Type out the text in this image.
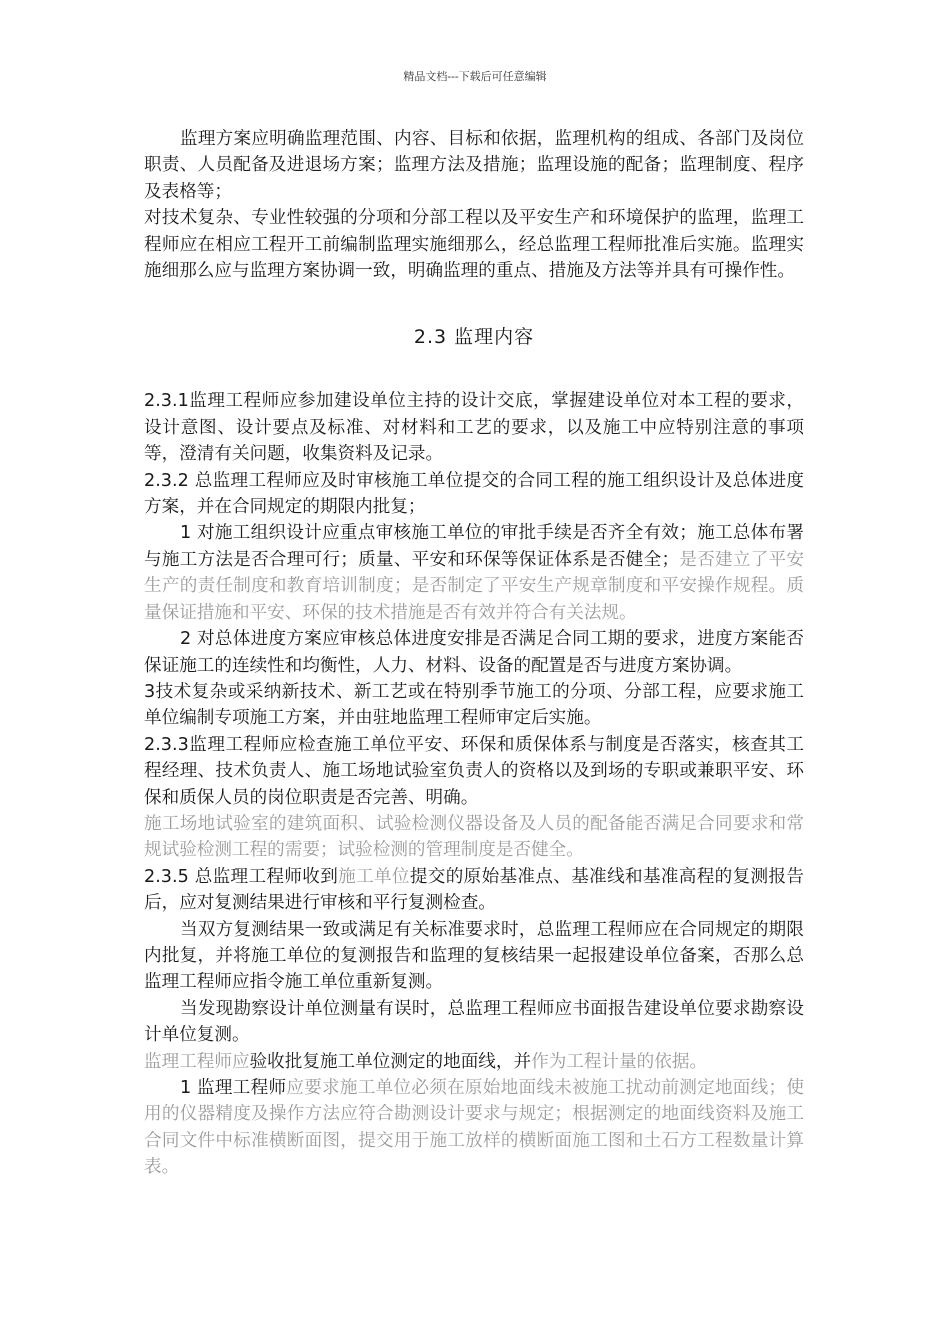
精品文档---下载后可任意编辑

监理方案应明确监理范围、内容、目标和依据，监理机构的组成、各部门及岗位职责、人员配备及进退场方案；监理方法及措施；监理设施的配备；监理制度、程序及表格等；

对技术复杂、专业性较强的分项和分部工程以及平安生产和环境保护的监理，监理工程师应在相应工程开工前编制监理实施细那么，经总监理工程师批准后实施。监理实施细那么应与监理方案协调一致，明确监理的重点、措施及方法等并具有可操作性。

2.3 监理内容

2.3.1监理工程师应参加建设单位主持的设计交底，掌握建设单位对本工程的要求，设计意图、设计要点及标准、对材料和工艺的要求，以及施工中应特别注意的事项等，澄清有关问题，收集资料及记录。

2.3.2 总监理工程师应及时审核施工单位提交的合同工程的施工组织设计及总体进度方案，并在合同规定的期限内批复；

1 对施工组织设计应重点审核施工单位的审批手续是否齐全有效；施工总体布署与施工方法是否合理可行；质量、平安和环保等保证体系是否健全；是否建立了平安生产的责任制度和教育培训制度；是否制定了平安生产规章制度和平安操作规程。质量保证措施和平安、环保的技术措施是否有效并符合有关法规。

2 对总体进度方案应审核总体进度安排是否满足合同工期的要求，进度方案能否保证施工的连续性和均衡性，人力、材料、设备的配置是否与进度方案协调。

3技术复杂或采纳新技术、新工艺或在特别季节施工的分项、分部工程，应要求施工单位编制专项施工方案，并由驻地监理工程师审定后实施。

2.3.3监理工程师应检查施工单位平安、环保和质保体系与制度是否落实，核查其工程经理、技术负责人、施工场地试验室负责人的资格以及到场的专职或兼职平安、环保和质保人员的岗位职责是否完善、明确。

施工场地试验室的建筑面积、试验检测仪器设备及人员的配备能否满足合同要求和常规试验检测工程的需要；试验检测的管理制度是否健全。

2.3.5 总监理工程师收到施工单位提交的原始基准点、基准线和基准高程的复测报告后，应对复测结果进行审核和平行复测检查。

当双方复测结果一致或满足有关标准要求时，总监理工程师应在合同规定的期限内批复，并将施工单位的复测报告和监理的复核结果一起报建设单位备案，否那么总监理工程师应指令施工单位重新复测。

当发现勘察设计单位测量有误时，总监理工程师应书面报告建设单位要求勘察设计单位复测。

监理工程师应验收批复施工单位测定的地面线，并作为工程计量的依据。

1 监理工程师应要求施工单位必须在原始地面线未被施工扰动前测定地面线；使用的仪器精度及操作方法应符合勘测设计要求与规定；根据测定的地面线资料及施工合同文件中标准横断面图，提交用于施工放样的横断面施工图和土石方工程数量计算表。
